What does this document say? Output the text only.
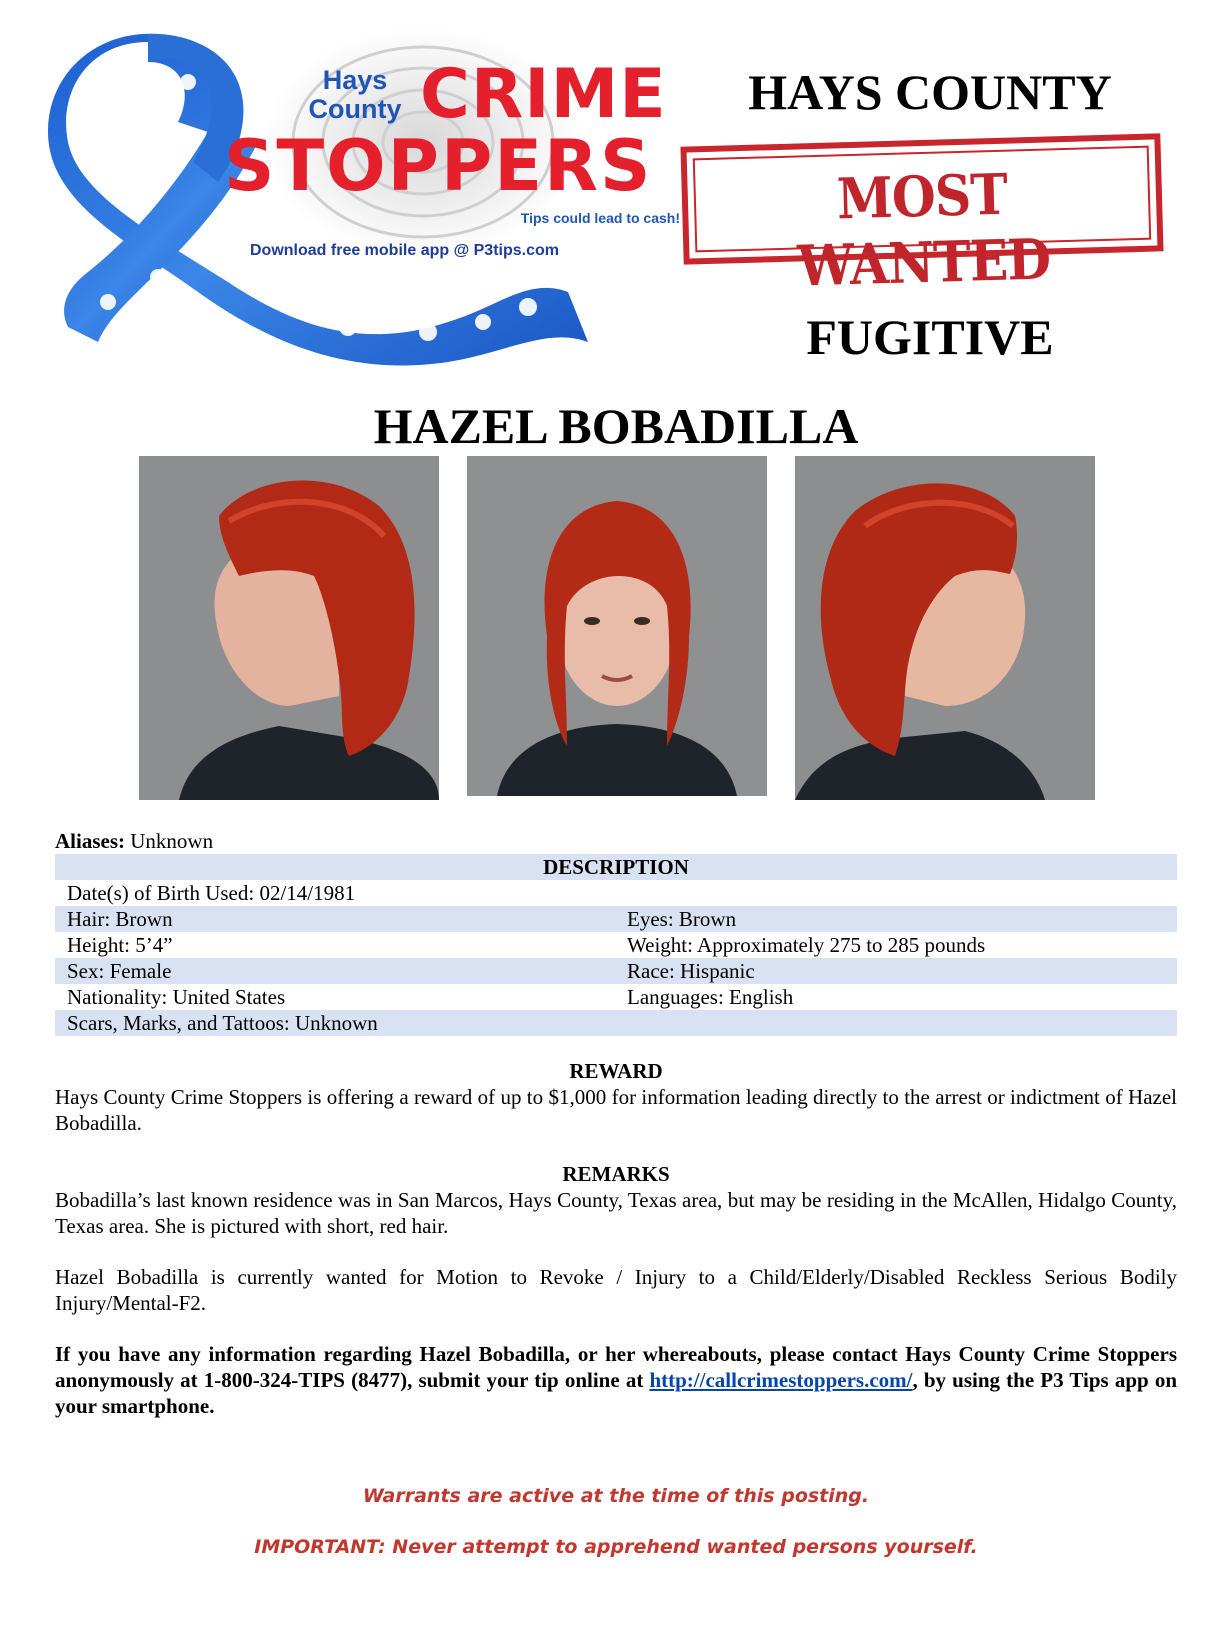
Hays
County CRIME
STOPPERS
Tips could lead to cash!
Download free mobile app @ P3tips.com
HAYS COUNTY
MOST WANTED
FUGITIVE
HAZEL BOBADILLA
Aliases: Unknown
DESCRIPTION
Date(s) of Birth Used: 02/14/1981
Hair: Brown	Eyes: Brown
Height: 5’4”	Weight: Approximately 275 to 285 pounds
Sex: Female	Race: Hispanic
Nationality: United States	Languages: English
Scars, Marks, and Tattoos: Unknown
REWARD
Hays County Crime Stoppers is offering a reward of up to $1,000 for information leading directly to the arrest or indictment of Hazel Bobadilla.
REMARKS
Bobadilla’s last known residence was in San Marcos, Hays County, Texas area, but may be residing in the McAllen, Hidalgo County, Texas area. She is pictured with short, red hair.
Hazel Bobadilla is currently wanted for Motion to Revoke / Injury to a Child/Elderly/Disabled Reckless Serious Bodily Injury/Mental-F2.
If you have any information regarding Hazel Bobadilla, or her whereabouts, please contact Hays County Crime Stoppers anonymously at 1-800-324-TIPS (8477), submit your tip online at http://callcrimestoppers.com/, by using the P3 Tips app on your smartphone.
Warrants are active at the time of this posting.
IMPORTANT: Never attempt to apprehend wanted persons yourself.
